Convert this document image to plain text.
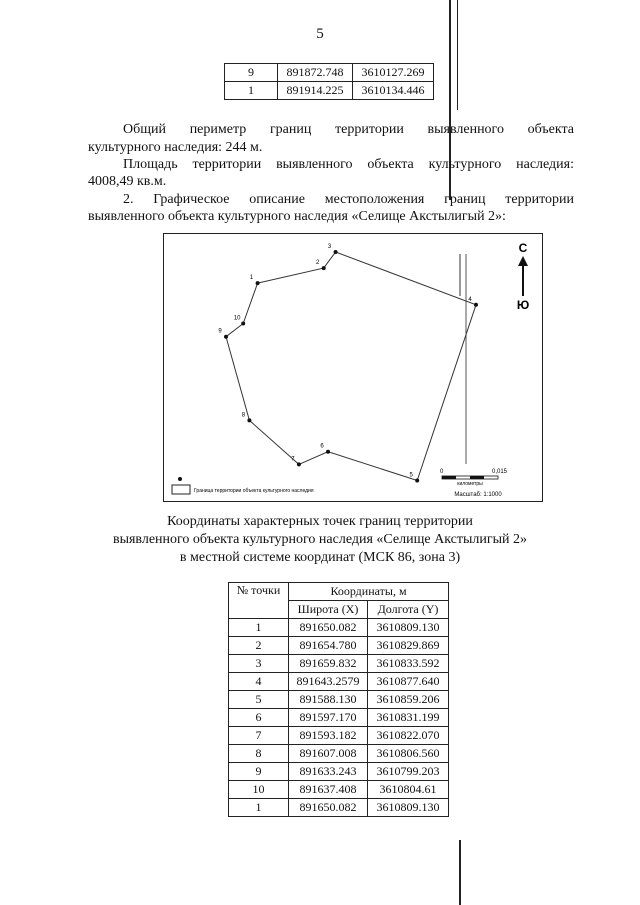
5
9	891872.748	3610127.269
1	891914.225	3610134.446
Общий периметр границ территории выявленного объекта
культурного наследия: 244 м.
Площадь территории выявленного объекта культурного наследия:
4008,49 кв.м.
2. Графическое описание местоположения границ территории
выявленного объекта культурного наследия «Селище Акстылигый 2»:
1
2
3
4
5
6
7
8
9
10
С
Ю
Граница территории объекта культурного наследия
0	0,015
километры
Масштаб: 1:1000
Координаты характерных точек границ территории
выявленного объекта культурного наследия «Селище Акстылигый 2»
в местной системе координат (МСК 86, зона 3)
№ точки	Координаты, м	
	Широта (X)	Долгота (Y)
1	891650.082	3610809.130
2	891654.780	3610829.869
3	891659.832	3610833.592
4	891643.2579	3610877.640
5	891588.130	3610859.206
6	891597.170	3610831.199
7	891593.182	3610822.070
8	891607.008	3610806.560
9	891633.243	3610799.203
10	891637.408	3610804.61
1	891650.082	3610809.130
